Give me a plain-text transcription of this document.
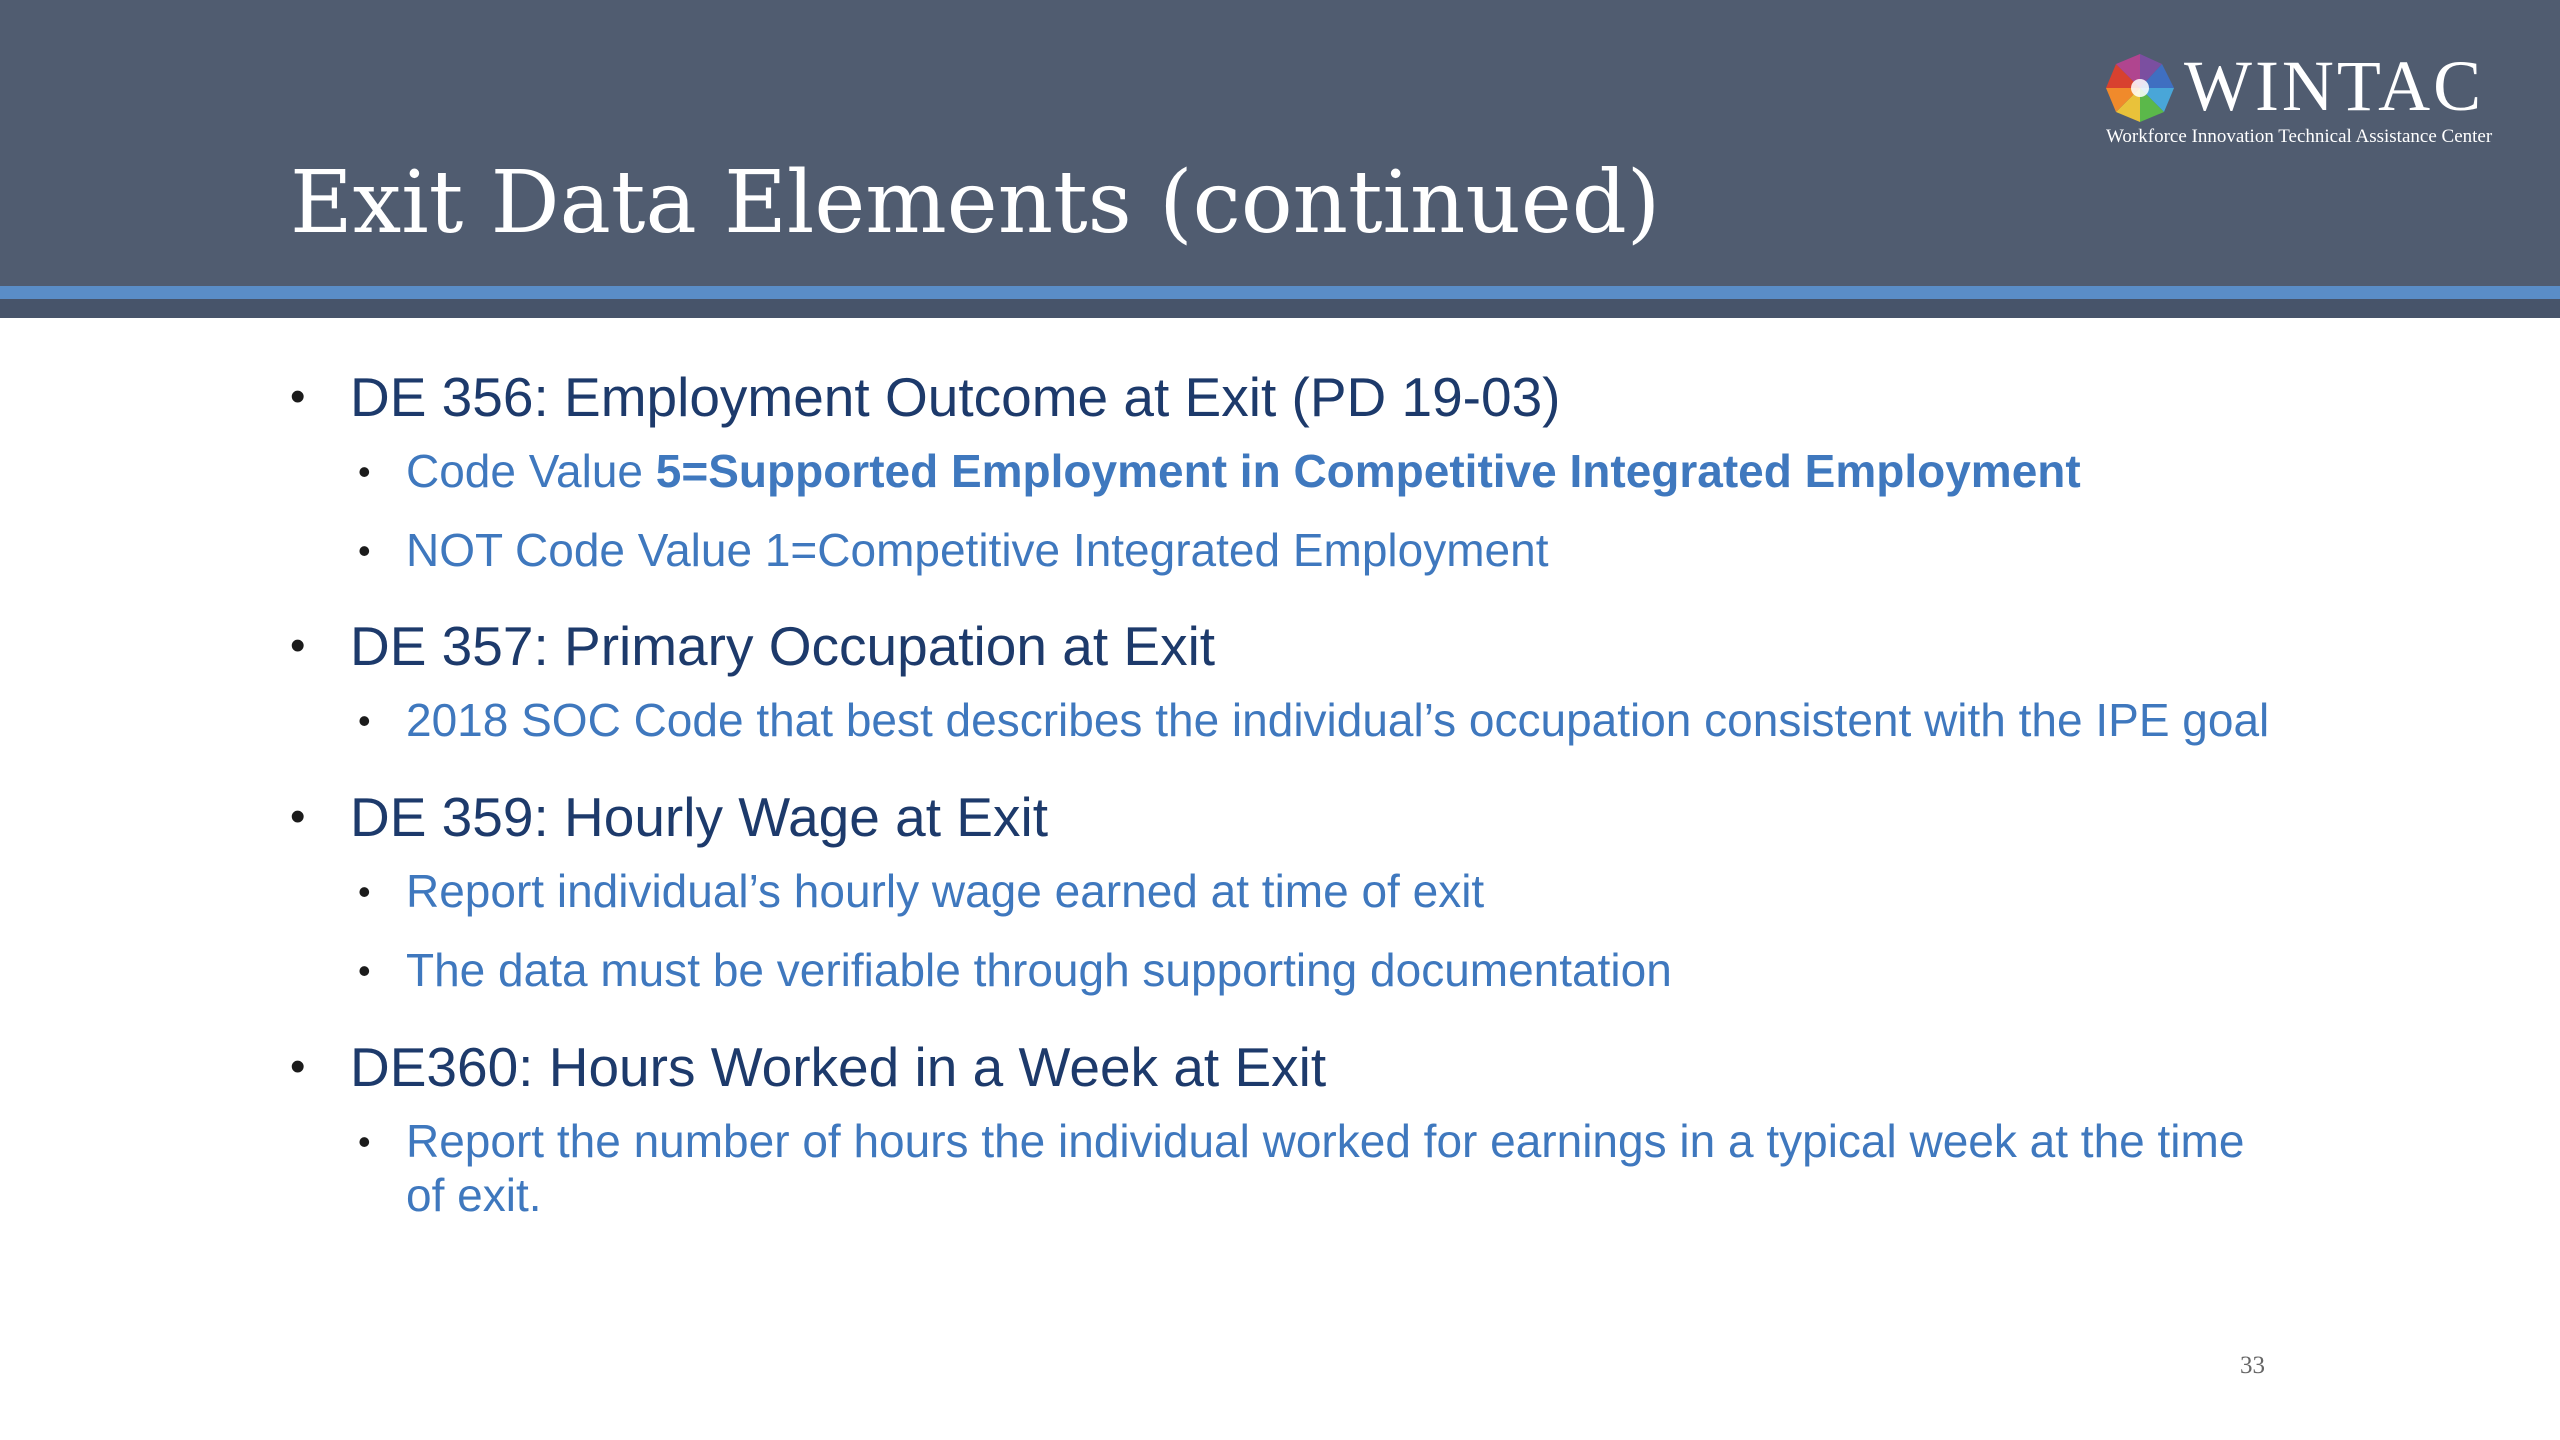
Exit Data Elements (continued)
WINTAC
Workforce Innovation Technical Assistance Center

• DE 356: Employment Outcome at Exit (PD 19-03)

• Code Value 5=Supported Employment in Competitive Integrated Employment

• NOT Code Value 1=Competitive Integrated Employment

• DE 357: Primary Occupation at Exit

• 2018 SOC Code that best describes the individual’s occupation consistent with the IPE goal

• DE 359: Hourly Wage at Exit

• Report individual’s hourly wage earned at time of exit

• The data must be verifiable through supporting documentation

• DE360: Hours Worked in a Week at Exit

• Report the number of hours the individual worked for earnings in a typical week at the time of exit.

33
